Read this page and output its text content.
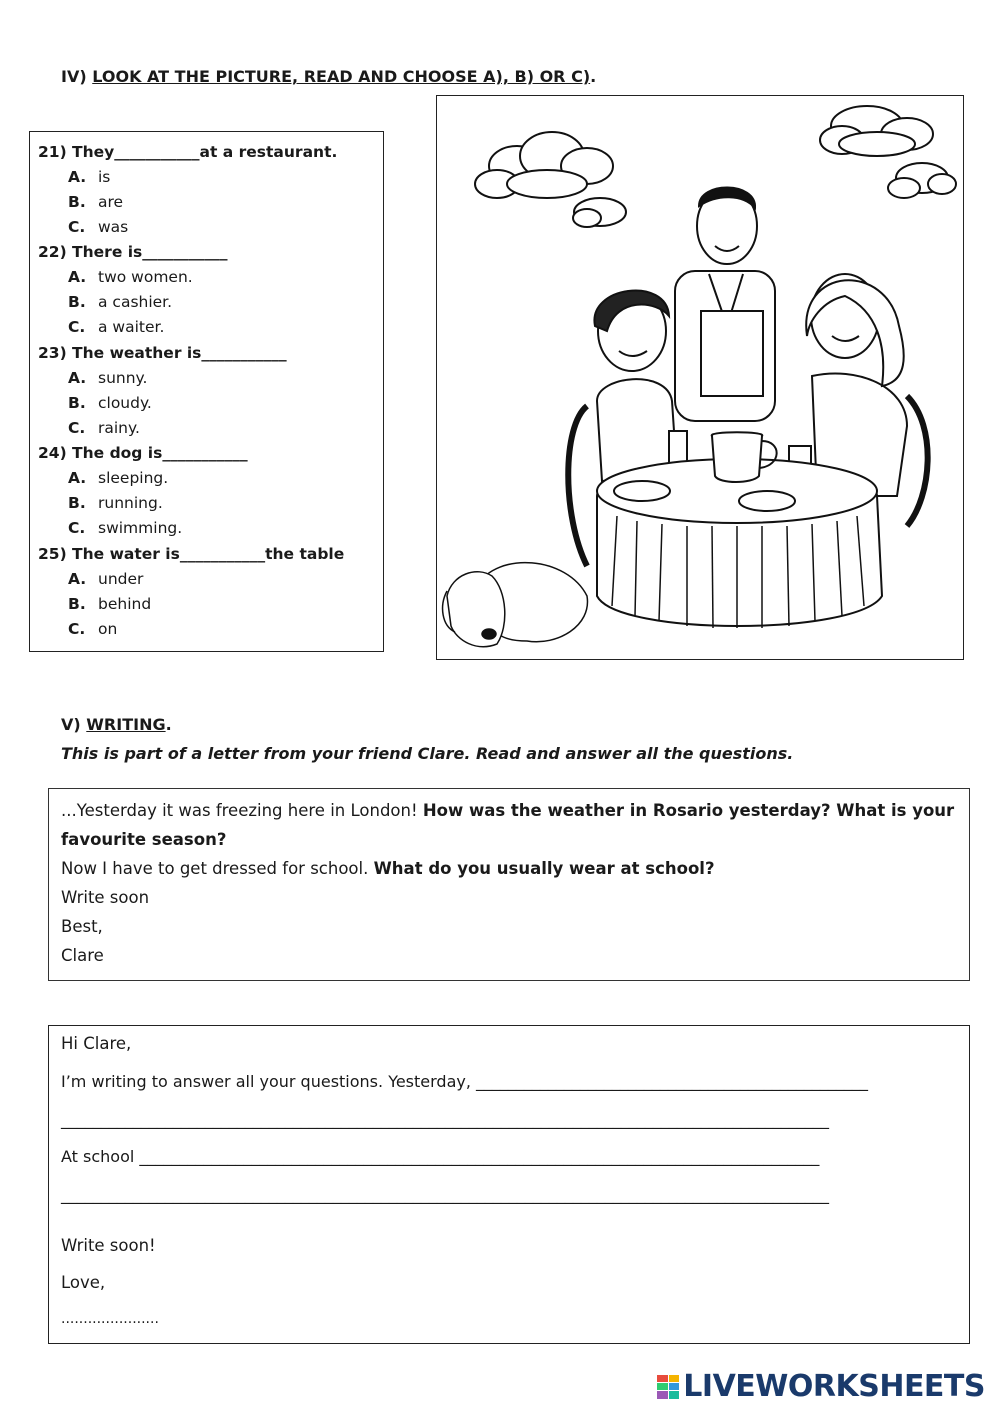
IV) LOOK AT THE PICTURE, READ AND CHOOSE A), B) OR C).
21) They___________at a restaurant.
A. is
B. are
C. was
22) There is___________
A. two women.
B. a cashier.
C. a waiter.
23) The weather is___________
A. sunny.
B. cloudy.
C. rainy.
24) The dog is___________
A. sleeping.
B. running.
C. swimming.
25) The water is___________the table
A. under
B. behind
C. on
V) WRITING.
This is part of a letter from your friend Clare. Read and answer all the questions.
...Yesterday it was freezing here in London! How was the weather in Rosario yesterday? What is your
favourite season?
Now I have to get dressed for school. What do you usually wear at school?
Write soon
Best,
Clare
Hi Clare,
I’m writing to answer all your questions. Yesterday, _________________________________________________
________________________________________________________________________________________________
At school _____________________________________________________________________________________
________________________________________________________________________________________________
Write soon!
Love,
......................
LIVEWORKSHEETS
